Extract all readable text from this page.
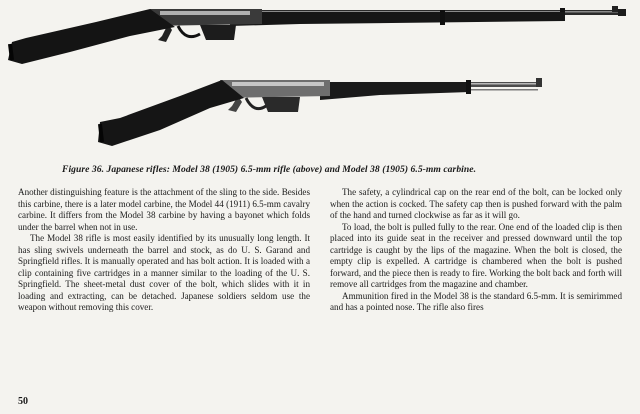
Figure 36. Japanese rifles: Model 38 (1905) 6.5-mm rifle (above) and Model 38 (1905) 6.5-mm carbine.

Another distinguishing feature is the attachment of the sling to the side. Besides this carbine, there is a later model carbine, the Model 44 (1911) 6.5-mm cavalry carbine. It differs from the Model 38 carbine by having a bayonet which folds under the barrel when not in use.

The Model 38 rifle is most easily identified by its unusually long length. It has sling swivels underneath the barrel and stock, as do U. S. Garand and Springfield rifles. It is manually operated and has bolt action. It is loaded with a clip containing five cartridges in a manner similar to the loading of the U. S. Springfield. The sheet-metal dust cover of the bolt, which slides with it in loading and extracting, can be detached. Japanese soldiers seldom use the weapon without removing this cover.

The safety, a cylindrical cap on the rear end of the bolt, can be locked only when the action is cocked. The safety cap then is pushed forward with the palm of the hand and turned clockwise as far as it will go.

To load, the bolt is pulled fully to the rear. One end of the loaded clip is then placed into its guide seat in the receiver and pressed downward until the top cartridge is caught by the lips of the magazine. When the bolt is closed, the empty clip is expelled. A cartridge is chambered when the bolt is pushed forward, and the piece then is ready to fire. Working the bolt back and forth will remove all cartridges from the magazine and chamber.

Ammunition fired in the Model 38 is the standard 6.5-mm. It is semirimmed and has a pointed nose. The rifle also fires

50
